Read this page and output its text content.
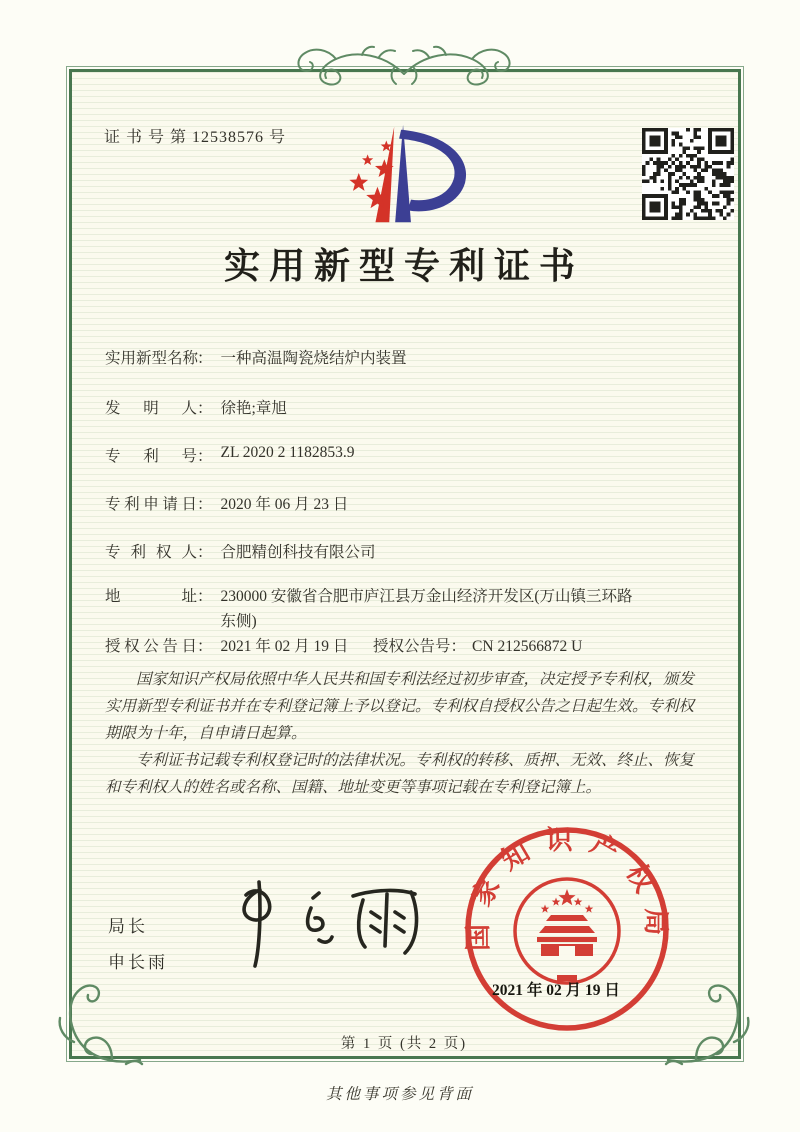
证 书 号 第 12538576 号
实用新型专利证书
实用新型名称： 一种高温陶瓷烧结炉内装置
发　明　人： 徐艳;章旭
专　利　号： ZL 2020 2 1182853.9
专利申请日： 2020 年 06 月 23 日
专 利 权 人： 合肥精创科技有限公司
地　　　址： 230000 安徽省合肥市庐江县万金山经济开发区(万山镇三环路东侧)
授权公告日： 2021 年 02 月 19 日 授权公告号： CN 212566872 U

国家知识产权局依照中华人民共和国专利法经过初步审查，决定授予专利权，颁发实用新型专利证书并在专利登记簿上予以登记。专利权自授权公告之日起生效。专利权期限为十年，自申请日起算。

专利证书记载专利权登记时的法律状况。专利权的转移、质押、无效、终止、恢复和专利权人的姓名或名称、国籍、地址变更等事项记载在专利登记簿上。

局长
申长雨
国家知识产权局
2021 年 02 月 19 日
第 1 页 (共 2 页)
其他事项参见背面
